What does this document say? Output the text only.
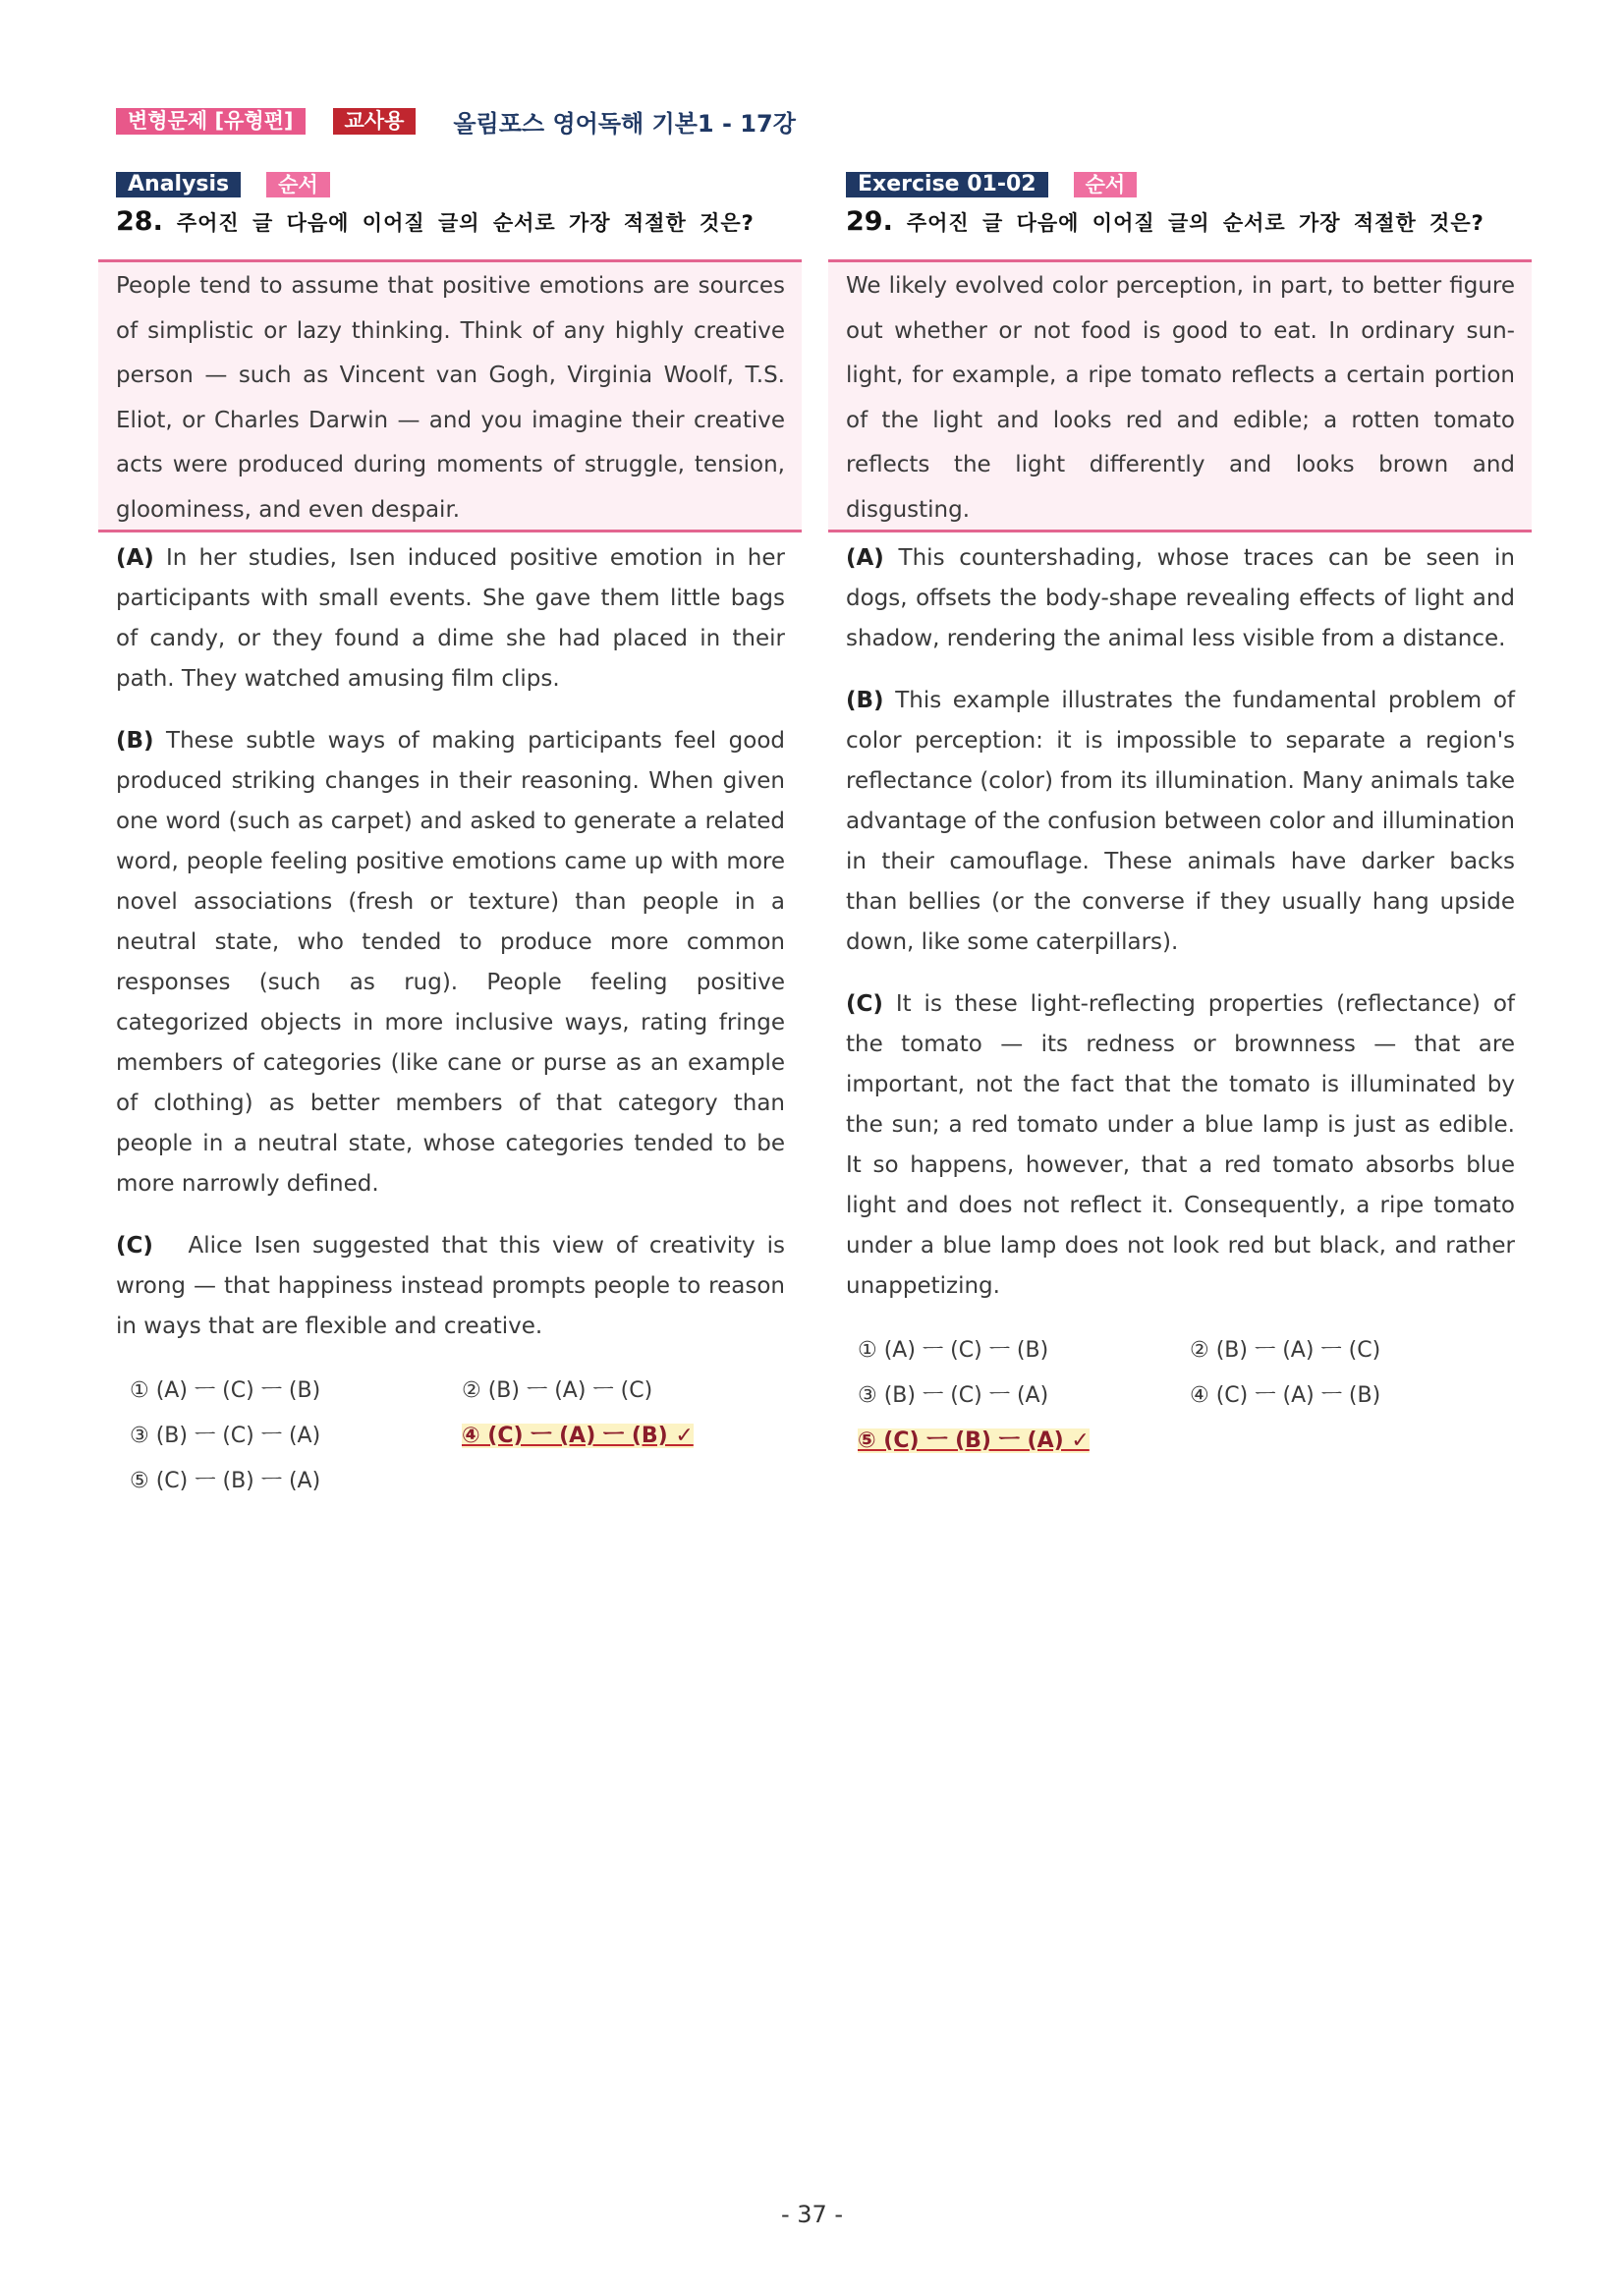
변형문제 [유형편]	교사용	올림포스 영어독해 기본1 - 17강
Analysis	순서
28. 주어진 글 다음에 이어질 글의 순서로 가장 적절한 것은?
People tend to assume that positive emotions are sources of simplistic or lazy thinking. Think of any highly creative person — such as Vincent van Gogh, Virginia Woolf, T.S. Eliot, or Charles Darwin — and you imagine their creative acts were produced during moments of struggle, tension, gloominess, and even despair.
(A) In her studies, Isen induced positive emotion in her participants with small events. She gave them little bags of candy, or they found a dime she had placed in their path. They watched amusing film clips.
(B) These subtle ways of making participants feel good produced striking changes in their reasoning. When given one word (such as carpet) and asked to generate a related word, people feeling positive emotions came up with more novel associations (fresh or texture) than people in a neutral state, who tended to produce more common responses (such as rug). People feeling positive categorized objects in more inclusive ways, rating fringe members of categories (like cane or purse as an example of clothing) as better members of that category than people in a neutral state, whose categories tended to be more narrowly defined.
(C) Alice Isen suggested that this view of creativity is wrong — that happiness instead prompts people to reason in ways that are flexible and creative.
① (A) ㅡ (C) ㅡ (B)	② (B) ㅡ (A) ㅡ (C)
③ (B) ㅡ (C) ㅡ (A)	④ (C) ㅡ (A) ㅡ (B) ✓
⑤ (C) ㅡ (B) ㅡ (A)
Exercise 01-02	순서
29. 주어진 글 다음에 이어질 글의 순서로 가장 적절한 것은?
We likely evolved color perception, in part, to better figure out whether or not food is good to eat. In ordinary sun-light, for example, a ripe tomato reflects a certain portion of the light and looks red and edible; a rotten tomato reflects the light differently and looks brown and disgusting.
(A) This countershading, whose traces can be seen in dogs, offsets the body-shape revealing effects of light and shadow, rendering the animal less visible from a distance.
(B) This example illustrates the fundamental problem of color perception: it is impossible to separate a region's reflectance (color) from its illumination. Many animals take advantage of the confusion between color and illumination in their camouflage. These animals have darker backs than bellies (or the converse if they usually hang upside down, like some caterpillars).
(C) It is these light-reflecting properties (reflectance) of the tomato — its redness or brownness — that are important, not the fact that the tomato is illuminated by the sun; a red tomato under a blue lamp is just as edible. It so happens, however, that a red tomato absorbs blue light and does not reflect it. Consequently, a ripe tomato under a blue lamp does not look red but black, and rather unappetizing.
① (A) ㅡ (C) ㅡ (B)	② (B) ㅡ (A) ㅡ (C)
③ (B) ㅡ (C) ㅡ (A)	④ (C) ㅡ (A) ㅡ (B)
⑤ (C) ㅡ (B) ㅡ (A) ✓
- 37 -
